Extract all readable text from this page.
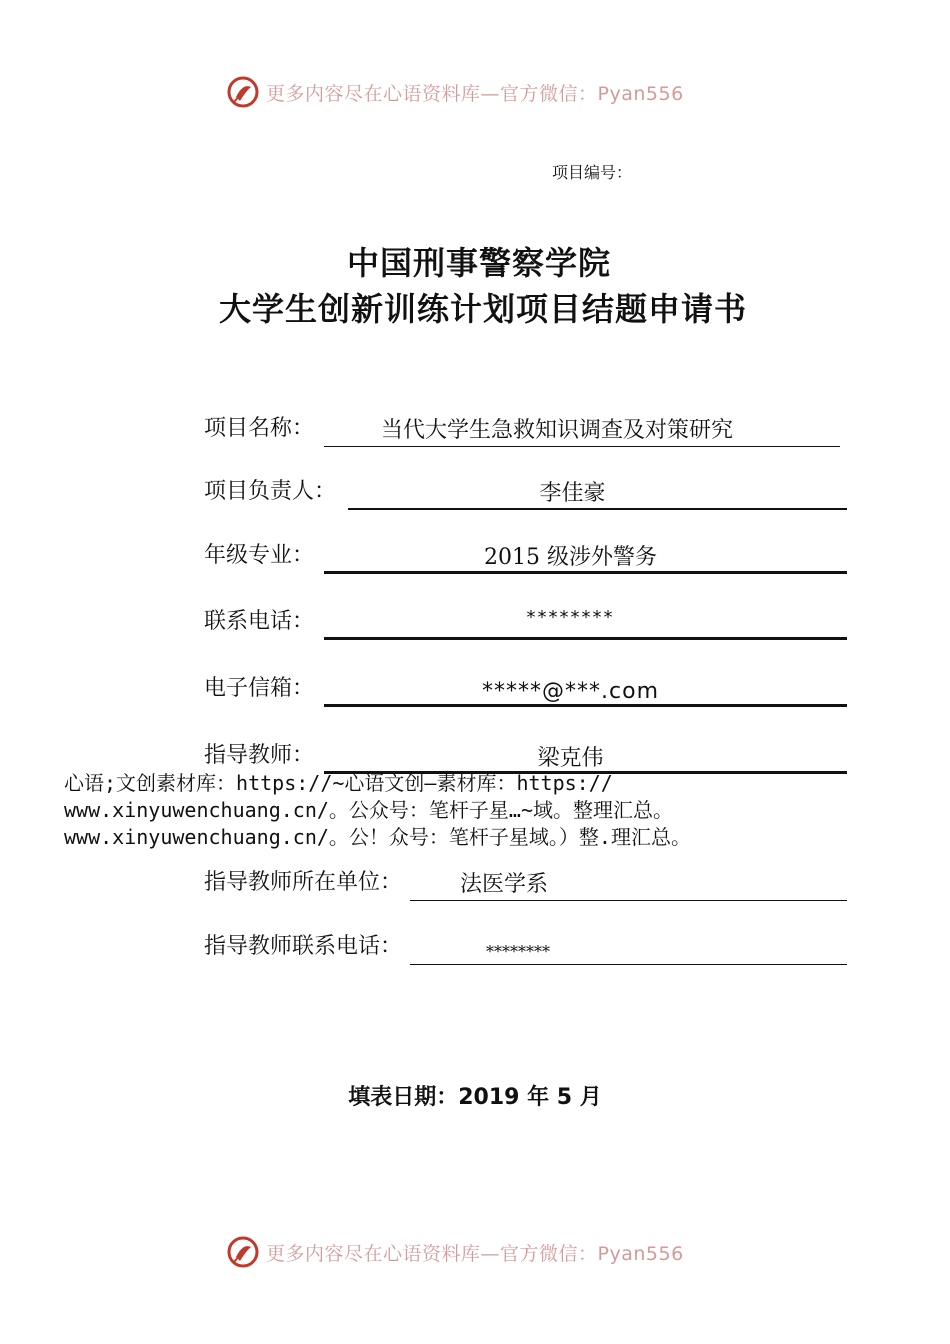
更多内容尽在心语资料库—官方微信：Pyan556
项目编号：
中国刑事警察学院
大学生创新训练计划项目结题申请书
项目名称：	当代大学生急救知识调查及对策研究
项目负责人：	李佳豪
年级专业：	2015 级涉外警务
联系电话：	********
电子信箱：	*****@***.com
指导教师：	梁克伟
心语;文创素材库：https://~心语文创—素材库：https://
www.xinyuwenchuang.cn/。公众号：笔杆子星…~域。整理汇总。
www.xinyuwenchuang.cn/。公！众号：笔杆子星域。）整.理汇总。
指导教师所在单位：	法医学系
指导教师联系电话：	********
填表日期：2019 年 5 月
更多内容尽在心语资料库—官方微信：Pyan556
